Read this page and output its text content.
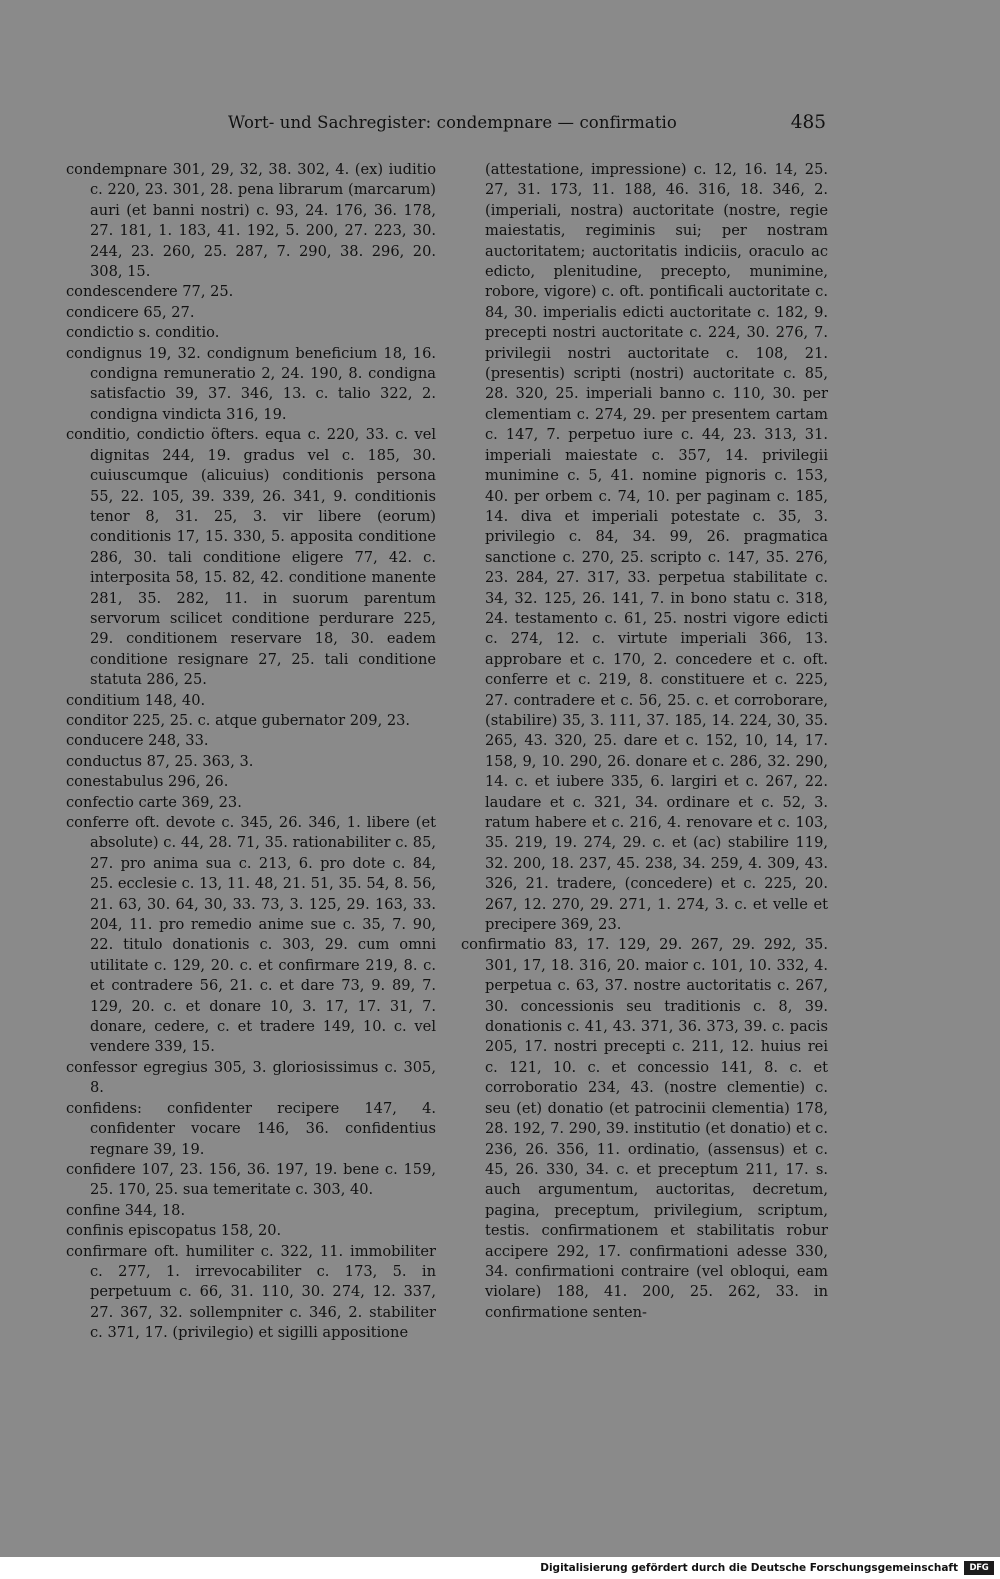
Wort- und Sachregister: condempnare — confirmatio	485

condempnare 301, 29, 32, 38. 302, 4. (ex) iuditio c. 220, 23. 301, 28. pena librarum (marcarum) auri (et banni nostri) c. 93, 24. 176, 36. 178, 27. 181, 1. 183, 41. 192, 5. 200, 27. 223, 30. 244, 23. 260, 25. 287, 7. 290, 38. 296, 20. 308, 15.

condescendere 77, 25.

condicere 65, 27.

condictio s. conditio.

condignus 19, 32. condignum beneficium 18, 16. condigna remuneratio 2, 24. 190, 8. condigna satisfactio 39, 37. 346, 13. c. talio 322, 2. condigna vindicta 316, 19.

conditio, condictio öfters. equa c. 220, 33. c. vel dignitas 244, 19. gradus vel c. 185, 30. cuiuscumque (alicuius) conditionis persona 55, 22. 105, 39. 339, 26. 341, 9. conditionis tenor 8, 31. 25, 3. vir libere (eorum) conditionis 17, 15. 330, 5. apposita conditione 286, 30. tali conditione eligere 77, 42. c. interposita 58, 15. 82, 42. conditione manente 281, 35. 282, 11. in suorum parentum servorum scilicet conditione perdurare 225, 29. conditionem reservare 18, 30. eadem conditione resignare 27, 25. tali conditione statuta 286, 25.

conditium 148, 40.

conditor 225, 25. c. atque gubernator 209, 23.

conducere 248, 33.

conductus 87, 25. 363, 3.

conestabulus 296, 26.

confectio carte 369, 23.

conferre oft. devote c. 345, 26. 346, 1. libere (et absolute) c. 44, 28. 71, 35. rationabiliter c. 85, 27. pro anima sua c. 213, 6. pro dote c. 84, 25. ecclesie c. 13, 11. 48, 21. 51, 35. 54, 8. 56, 21. 63, 30. 64, 30, 33. 73, 3. 125, 29. 163, 33. 204, 11. pro remedio anime sue c. 35, 7. 90, 22. titulo donationis c. 303, 29. cum omni utilitate c. 129, 20. c. et confirmare 219, 8. c. et contradere 56, 21. c. et dare 73, 9. 89, 7. 129, 20. c. et donare 10, 3. 17, 17. 31, 7. donare, cedere, c. et tradere 149, 10. c. vel vendere 339, 15.

confessor egregius 305, 3. gloriosissimus c. 305, 8.

confidens: confidenter recipere 147, 4. confidenter vocare 146, 36. confidentius regnare 39, 19.

confidere 107, 23. 156, 36. 197, 19. bene c. 159, 25. 170, 25. sua temeritate c. 303, 40.

confine 344, 18.

confinis episcopatus 158, 20.

confirmare oft. humiliter c. 322, 11. immobiliter c. 277, 1. irrevocabiliter c. 173, 5. in perpetuum c. 66, 31. 110, 30. 274, 12. 337, 27. 367, 32. sollempniter c. 346, 2. stabiliter c. 371, 17. (privilegio) et sigilli appositione

(attestatione, impressione) c. 12, 16. 14, 25. 27, 31. 173, 11. 188, 46. 316, 18. 346, 2. (imperiali, nostra) auctoritate (nostre, regie maiestatis, regiminis sui; per nostram auctoritatem; auctoritatis indiciis, oraculo ac edicto, plenitudine, precepto, munimine, robore, vigore) c. oft. pontificali auctoritate c. 84, 30. imperialis edicti auctoritate c. 182, 9. precepti nostri auctoritate c. 224, 30. 276, 7. privilegii nostri auctoritate c. 108, 21. (presentis) scripti (nostri) auctoritate c. 85, 28. 320, 25. imperiali banno c. 110, 30. per clementiam c. 274, 29. per presentem cartam c. 147, 7. perpetuo iure c. 44, 23. 313, 31. imperiali maiestate c. 357, 14. privilegii munimine c. 5, 41. nomine pignoris c. 153, 40. per orbem c. 74, 10. per paginam c. 185, 14. diva et imperiali potestate c. 35, 3. privilegio c. 84, 34. 99, 26. pragmatica sanctione c. 270, 25. scripto c. 147, 35. 276, 23. 284, 27. 317, 33. perpetua stabilitate c. 34, 32. 125, 26. 141, 7. in bono statu c. 318, 24. testamento c. 61, 25. nostri vigore edicti c. 274, 12. c. virtute imperiali 366, 13. approbare et c. 170, 2. concedere et c. oft. conferre et c. 219, 8. constituere et c. 225, 27. contradere et c. 56, 25. c. et corroborare, (stabilire) 35, 3. 111, 37. 185, 14. 224, 30, 35. 265, 43. 320, 25. dare et c. 152, 10, 14, 17. 158, 9, 10. 290, 26. donare et c. 286, 32. 290, 14. c. et iubere 335, 6. largiri et c. 267, 22. laudare et c. 321, 34. ordinare et c. 52, 3. ratum habere et c. 216, 4. renovare et c. 103, 35. 219, 19. 274, 29. c. et (ac) stabilire 119, 32. 200, 18. 237, 45. 238, 34. 259, 4. 309, 43. 326, 21. tradere, (concedere) et c. 225, 20. 267, 12. 270, 29. 271, 1. 274, 3. c. et velle et precipere 369, 23.

confirmatio 83, 17. 129, 29. 267, 29. 292, 35. 301, 17, 18. 316, 20. maior c. 101, 10. 332, 4. perpetua c. 63, 37. nostre auctoritatis c. 267, 30. concessionis seu traditionis c. 8, 39. donationis c. 41, 43. 371, 36. 373, 39. c. pacis 205, 17. nostri precepti c. 211, 12. huius rei c. 121, 10. c. et concessio 141, 8. c. et corroboratio 234, 43. (nostre clementie) c. seu (et) donatio (et patrocinii clementia) 178, 28. 192, 7. 290, 39. institutio (et donatio) et c. 236, 26. 356, 11. ordinatio, (assensus) et c. 45, 26. 330, 34. c. et preceptum 211, 17. s. auch argumentum, auctoritas, decretum, pagina, preceptum, privilegium, scriptum, testis. confirmationem et stabilitatis robur accipere 292, 17. confirmationi adesse 330, 34. confirmationi contraire (vel obloqui, eam violare) 188, 41. 200, 25. 262, 33. in confirmatione senten-

Digitalisierung gefördert durch die Deutsche Forschungsgemeinschaft	DFG
